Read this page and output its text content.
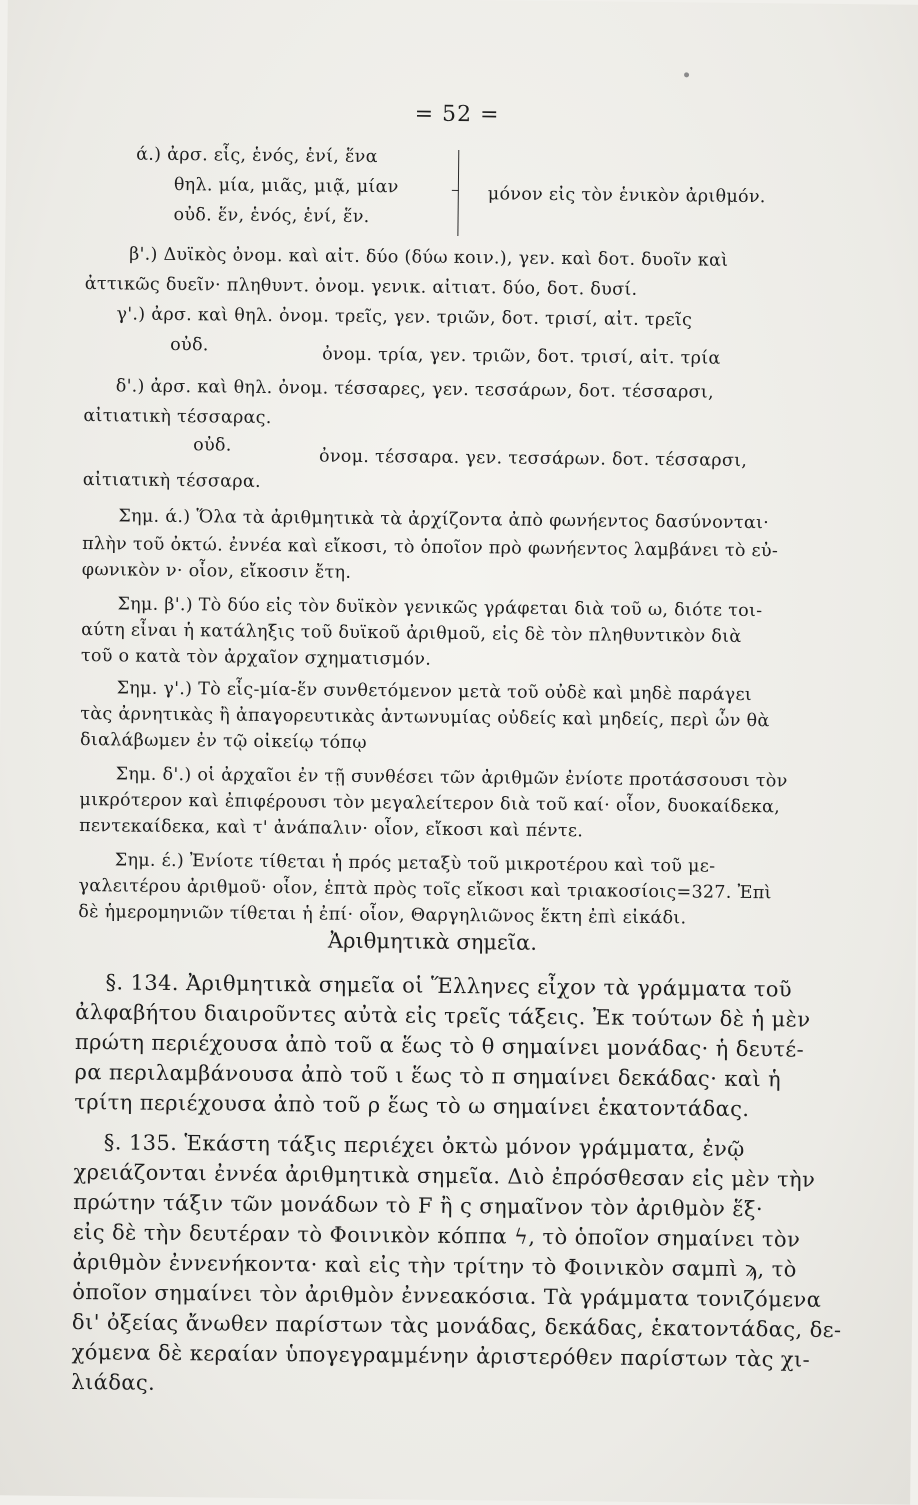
= 52 =
ά.) ἀρσ. εἷς, ἑνός, ἑνί, ἕνα
θηλ. μία, μιᾶς, μιᾷ, μίαν
οὐδ. ἕν, ἑνός, ἑνί, ἕν.
μόνον εἰς τὸν ἑνικὸν ἀριθμόν.
β'.) Δυϊκὸς ὀνομ. καὶ αἰτ. δύο (δύω κοιν.), γεν. καὶ δοτ. δυοῖν καὶ
ἀττικῶς δυεῖν· πληθυντ. ὀνομ. γενικ. αἰτιατ. δύο, δοτ. δυσί.
γ'.) ἀρσ. καὶ θηλ. ὀνομ. τρεῖς, γεν. τριῶν, δοτ. τρισί, αἰτ. τρεῖς
οὐδ.	ὀνομ. τρία, γεν. τριῶν, δοτ. τρισί, αἰτ. τρία
δ'.) ἀρσ. καὶ θηλ. ὀνομ. τέσσαρες, γεν. τεσσάρων, δοτ. τέσσαρσι,
αἰτιατικὴ τέσσαρας.
οὐδ.
ὀνομ. τέσσαρα. γεν. τεσσάρων. δοτ. τέσσαρσι,
αἰτιατικὴ τέσσαρα.
Σημ. ά.) Ὅλα τὰ ἀριθμητικὰ τὰ ἀρχίζοντα ἀπὸ φωνήεντος δασύνονται·
πλὴν τοῦ ὀκτώ. ἐννέα καὶ εἴκοσι, τὸ ὁποῖον πρὸ φωνήεντος λαμβάνει τὸ εὐ-
φωνικὸν ν· οἷον, εἴκοσιν ἔτη.
Σημ. β'.) Τὸ δύο εἰς τὸν δυϊκὸν γενικῶς γράφεται διὰ τοῦ ω, διότε τοι-
αύτη εἶναι ἡ κατάληξις τοῦ δυϊκοῦ ἀριθμοῦ, εἰς δὲ τὸν πληθυντικὸν διὰ
τοῦ ο κατὰ τὸν ἀρχαῖον σχηματισμόν.
Σημ. γ'.) Τὸ εἷς-μία-ἕν συνθετόμενον μετὰ τοῦ οὐδὲ καὶ μηδὲ παράγει
τὰς ἀρνητικὰς ἢ ἀπαγορευτικὰς ἀντωνυμίας οὐδείς καὶ μηδείς, περὶ ὧν θὰ
διαλάβωμεν ἐν τῷ οἰκείῳ τόπῳ
Σημ. δ'.) οἱ ἀρχαῖοι ἐν τῇ συνθέσει τῶν ἀριθμῶν ἐνίοτε προτάσσουσι τὸν
μικρότερον καὶ ἐπιφέρουσι τὸν μεγαλείτερον διὰ τοῦ καί· οἷον, δυοκαίδεκα,
πεντεκαίδεκα, καὶ τ' ἀνάπαλιν· οἷον, εἴκοσι καὶ πέντε.
Σημ. έ.) Ἐνίοτε τίθεται ἡ πρός μεταξὺ τοῦ μικροτέρου καὶ τοῦ με-
γαλειτέρου ἀριθμοῦ· οἷον, ἑπτὰ πρὸς τοῖς εἴκοσι καὶ τριακοσίοις=327. Ἐπὶ
δὲ ἡμερομηνιῶν τίθεται ἡ ἐπί· οἷον, Θαργηλιῶνος ἕκτη ἐπὶ εἰκάδι.
Ἀριθμητικὰ σημεῖα.
§. 134. Ἀριθμητικὰ σημεῖα οἱ Ἕλληνες εἶχον τὰ γράμματα τοῦ
ἀλφαβήτου διαιροῦντες αὐτὰ εἰς τρεῖς τάξεις. Ἐκ τούτων δὲ ἡ μὲν
πρώτη περιέχουσα ἀπὸ τοῦ α ἕως τὸ θ σημαίνει μονάδας· ἡ δευτέ-
ρα περιλαμβάνουσα ἀπὸ τοῦ ι ἕως τὸ π σημαίνει δεκάδας· καὶ ἡ
τρίτη περιέχουσα ἀπὸ τοῦ ρ ἕως τὸ ω σημαίνει ἑκατοντάδας.
§. 135. Ἑκάστη τάξις περιέχει ὀκτὼ μόνον γράμματα, ἐνῷ
χρειάζονται ἐννέα ἀριθμητικὰ σημεῖα. Διὸ ἐπρόσθεσαν εἰς μὲν τὴν
πρώτην τάξιν τῶν μονάδων τὸ F ἢ ς σημαῖνον τὸν ἀριθμὸν ἕξ·
εἰς δὲ τὴν δευτέραν τὸ Φοινικὸν κόππα ϟ, τὸ ὁποῖον σημαίνει τὸν
ἀριθμὸν ἐννενήκοντα· καὶ εἰς τὴν τρίτην τὸ Φοινικὸν σαμπὶ ϡ, τὸ
ὁποῖον σημαίνει τὸν ἀριθμὸν ἐννεακόσια. Τὰ γράμματα τονιζόμενα
δι' ὀξείας ἄνωθεν παρίστων τὰς μονάδας, δεκάδας, ἑκατοντάδας, δε-
χόμενα δὲ κεραίαν ὑπογεγραμμένην ἀριστερόθεν παρίστων τὰς χι-
λιάδας.
